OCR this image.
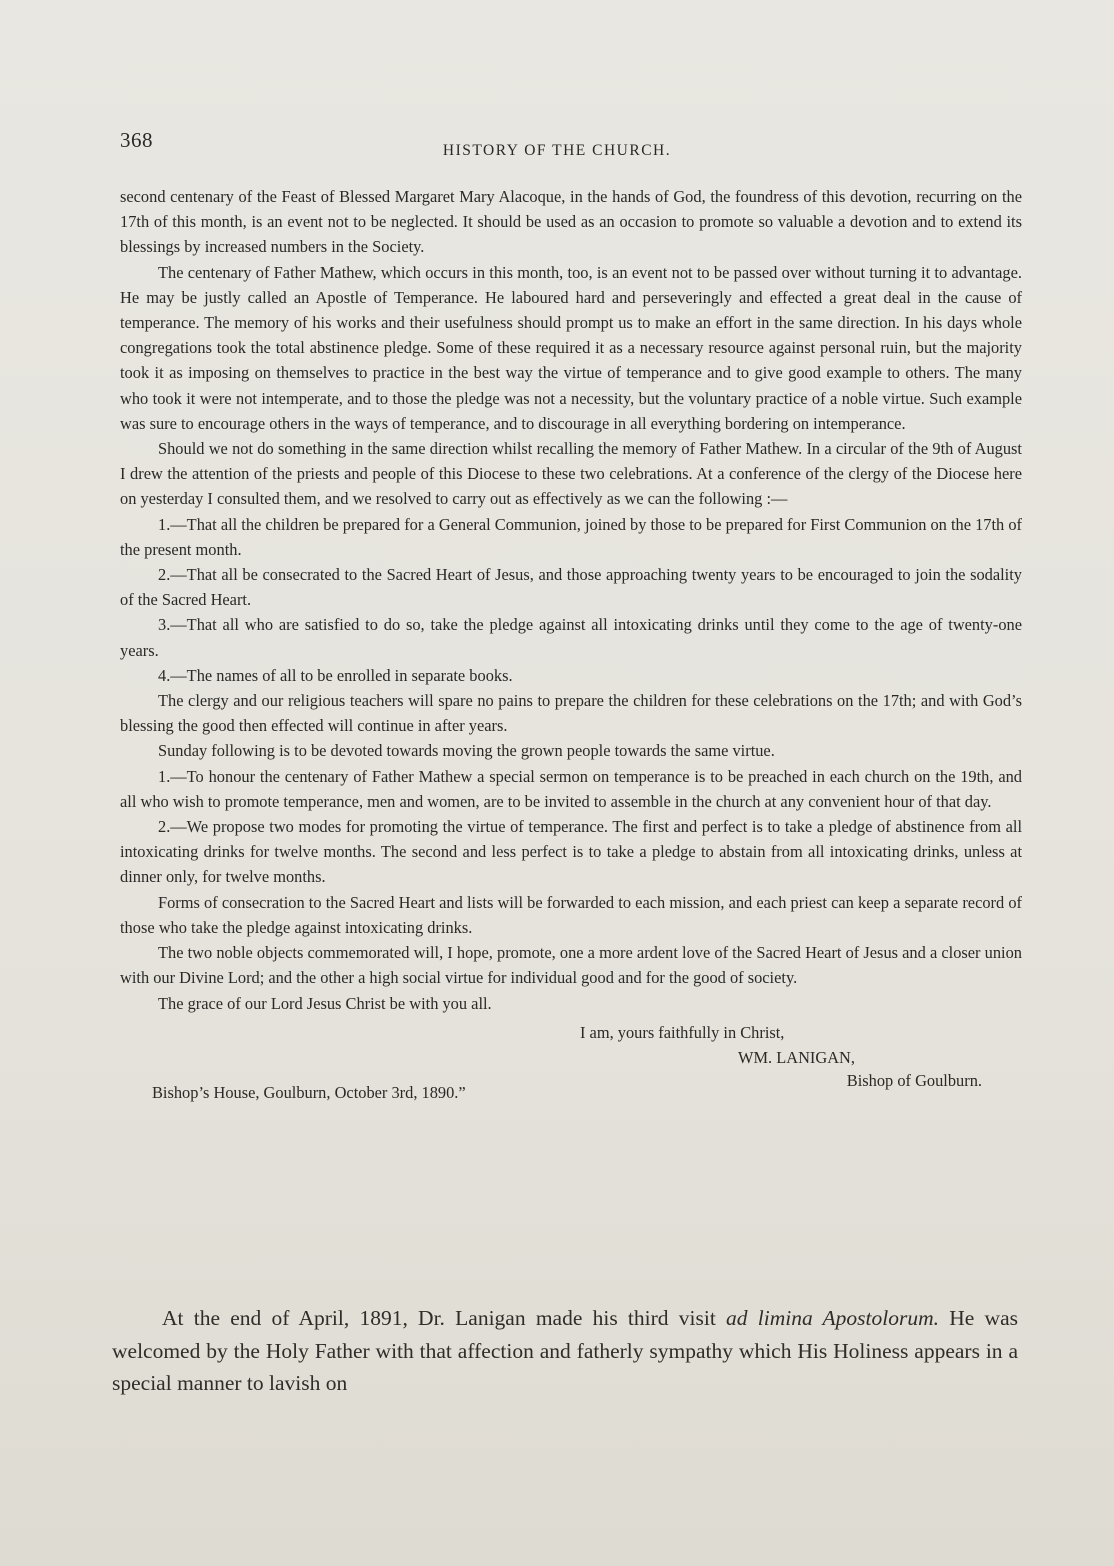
368	HISTORY OF THE CHURCH.

second centenary of the Feast of Blessed Margaret Mary Alacoque, in the hands of God, the foundress of this devotion, recurring on the 17th of this month, is an event not to be neglected. It should be used as an occasion to promote so valuable a devotion and to extend its blessings by increased numbers in the Society.

The centenary of Father Mathew, which occurs in this month, too, is an event not to be passed over without turning it to advantage. He may be justly called an Apostle of Temperance. He laboured hard and perseveringly and effected a great deal in the cause of temperance. The memory of his works and their usefulness should prompt us to make an effort in the same direction. In his days whole congregations took the total abstinence pledge. Some of these required it as a necessary resource against personal ruin, but the majority took it as imposing on themselves to practice in the best way the virtue of temperance and to give good example to others. The many who took it were not intemperate, and to those the pledge was not a necessity, but the voluntary practice of a noble virtue. Such example was sure to encourage others in the ways of temperance, and to discourage in all everything bordering on intemperance.

Should we not do something in the same direction whilst recalling the memory of Father Mathew. In a circular of the 9th of August I drew the attention of the priests and people of this Diocese to these two celebrations. At a conference of the clergy of the Diocese here on yesterday I consulted them, and we resolved to carry out as effectively as we can the following :—

1.—That all the children be prepared for a General Communion, joined by those to be prepared for First Communion on the 17th of the present month.

2.—That all be consecrated to the Sacred Heart of Jesus, and those approaching twenty years to be encouraged to join the sodality of the Sacred Heart.

3.—That all who are satisfied to do so, take the pledge against all intoxicating drinks until they come to the age of twenty-one years.

4.—The names of all to be enrolled in separate books.

The clergy and our religious teachers will spare no pains to prepare the children for these celebrations on the 17th; and with God’s blessing the good then effected will continue in after years.

Sunday following is to be devoted towards moving the grown people towards the same virtue.

1.—To honour the centenary of Father Mathew a special sermon on temperance is to be preached in each church on the 19th, and all who wish to promote temperance, men and women, are to be invited to assemble in the church at any convenient hour of that day.

2.—We propose two modes for promoting the virtue of temperance. The first and perfect is to take a pledge of abstinence from all intoxicating drinks for twelve months. The second and less perfect is to take a pledge to abstain from all intoxicating drinks, unless at dinner only, for twelve months.

Forms of consecration to the Sacred Heart and lists will be forwarded to each mission, and each priest can keep a separate record of those who take the pledge against intoxicating drinks.

The two noble objects commemorated will, I hope, promote, one a more ardent love of the Sacred Heart of Jesus and a closer union with our Divine Lord; and the other a high social virtue for individual good and for the good of society.

The grace of our Lord Jesus Christ be with you all.

I am, yours faithfully in Christ,

WM. LANIGAN,

Bishop’s House, Goulburn, October 3rd, 1890.”
Bishop of Goulburn.

At the end of April, 1891, Dr. Lanigan made his third visit ad limina Apostolorum. He was welcomed by the Holy Father with that affection and fatherly sympathy which His Holiness appears in a special manner to lavish on
